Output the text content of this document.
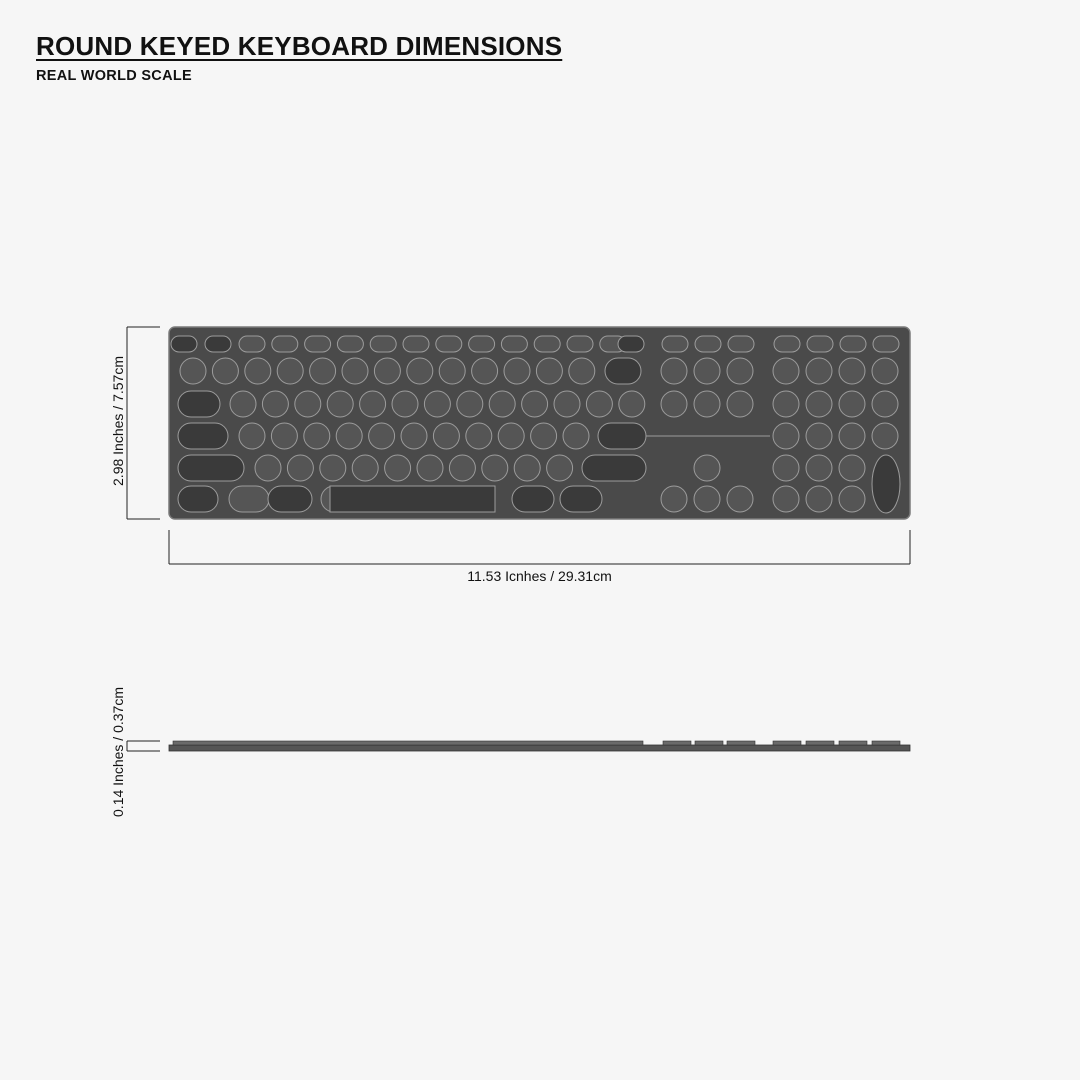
ROUND KEYED KEYBOARD DIMENSIONS
REAL WORLD SCALE
11.53 Icnhes / 29.31cm
2.98 Inches / 7.57cm
0.14 Inches / 0.37cm
